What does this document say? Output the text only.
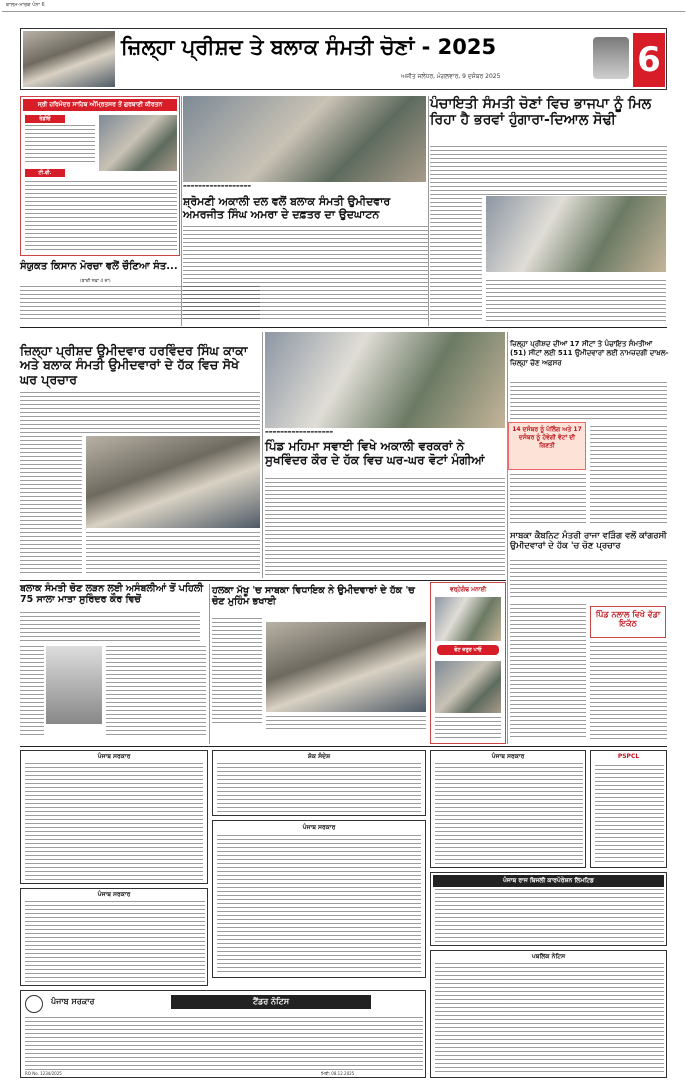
ਕਾਲਮ-ਮਾਰਕ ਪੰਨਾ 6
ਜ਼ਿਲ੍ਹਾ ਪ੍ਰੀਸ਼ਦ ਤੇ ਬਲਾਕ ਸੰਮਤੀ ਚੋਣਾਂ - 2025
ਅਜੀਤ ਜਲੰਧਰ, ਮੰਗਲਵਾਰ, 9 ਦਸੰਬਰ 2025	6
ਸ੍ਰੀ ਹਰਿਮੰਦਰ ਸਾਹਿਬ ਅੰਮ੍ਰਿਤਸਰ ਤੋਂ ਗੁਰਬਾਣੀ ਕੀਰਤਨ
ਰੇਡੀਓ
ਟੀ.ਵੀ.
ਸੰਯੁਕਤ ਕਿਸਾਨ ਮੋਰਚਾ ਵਲੋਂ ਚੌਣਿਆ ਸੰਤ...
(ਬਾਕੀ ਸਫ਼ਾ 4 ਦਾ)
ਪੰਚਾਇਤੀ ਸੰਮਤੀ ਚੋਣਾਂ ਵਿਚ ਭਾਜਪਾ ਨੂੰ ਮਿਲ ਰਿਹਾ ਹੈ ਭਰਵਾਂ ਹੁੰਗਾਰਾ-ਦਿਆਲ ਸੋਢੀ
▬▬▬▬▬▬▬▬▬▬▬▬▬▬▬▬▬▬
ਸ਼੍ਰੋਮਣੀ ਅਕਾਲੀ ਦਲ ਵਲੋਂ ਬਲਾਕ ਸੰਮਤੀ ਉਮੀਦਵਾਰ ਅਮਰਜੀਤ ਸਿੰਘ ਅਮਰਾ ਦੇ ਦਫ਼ਤਰ ਦਾ ਉਦਘਾਟਨ
ਜ਼ਿਲ੍ਹਾ ਪ੍ਰੀਸ਼ਦ ਉਮੀਦਵਾਰ ਹਰਵਿੰਦਰ ਸਿੰਘ ਕਾਕਾ ਅਤੇ ਬਲਾਕ ਸੰਮਤੀ ਉਮੀਦਵਾਰਾਂ ਦੇ ਹੱਕ ਵਿਚ ਸੋਖੇ ਘਰ ਪ੍ਰਚਾਰ
▬▬▬▬▬▬▬▬▬▬▬▬▬▬▬▬▬▬
ਪਿੰਡ ਮਹਿਮਾ ਸਵਾਈ ਵਿਖੇ ਅਕਾਲੀ ਵਰਕਰਾਂ ਨੇ ਸੁਖਵਿੰਦਰ ਕੌਰ ਦੇ ਹੱਕ ਵਿਚ ਘਰ-ਘਰ ਵੋਟਾਂ ਮੰਗੀਆਂ
ਜ਼ਿਲ੍ਹਾ ਪ੍ਰੀਸ਼ਦ ਦੀਆਂ 17 ਸੀਟਾਂ ਤੇ ਪੰਚਾਇਤ ਸੰਮਤੀਆਂ (51) ਸੀਟਾਂ ਲਈ 511 ਉਮੀਦਵਾਰਾਂ ਲਈ ਨਾਮਜ਼ਦਗੀ ਦਾਖ਼ਲ-ਜ਼ਿਲ੍ਹਾ ਚੋਣ ਅਫ਼ਸਰ
14 ਦਸੰਬਰ ਨੂੰ ਪੋਲਿੰਗ ਅਤੇ 17 ਦਸੰਬਰ ਨੂੰ ਹੋਵੇਗੀ ਵੋਟਾਂ ਦੀ ਗਿਣਤੀ
ਸਾਬਕਾ ਕੈਬਨਿਟ ਮੰਤਰੀ ਰਾਜਾ ਵੜਿੰਗ ਵਲੋਂ ਕਾਂਗਰਸੀ ਉਮੀਦਵਾਰਾਂ ਦੇ ਹੱਕ 'ਚ ਚੋਣ ਪ੍ਰਚਾਰ
ਬਲਾਕ ਸੰਮਤੀ ਚੋਣ ਲੜਨ ਲਈ ਅਸੰਬਲੀਆਂ ਤੋਂ ਪਹਿਲੀ 75 ਸਾਲਾ ਮਾਤਾ ਸੁਰਿੰਦਰ ਕੌਰ ਵਿਚੋਂ
ਹਲਕਾ ਮੱਖੂ 'ਚ ਸਾਬਕਾ ਵਿਧਾਇਕ ਨੇ ਉਮੀਦਵਾਰਾਂ ਦੇ ਹੱਕ 'ਚ ਚੋਣ ਮੁਹਿੰਮ ਭਖਾਈ
ਵਰ੍ਹੇਗੰਢ ਮਨਾਈ
ਵੋਟ ਜ਼ਰੂਰ ਪਾਓ
ਪਿੰਡ ਨਲਾਲ ਵਿਖੇ ਵੱਡਾ ਇਕੱਠ
ਪੰਜਾਬ ਸਰਕਾਰ	ਸ਼ੋਕ ਸੰਦੇਸ਼
ਪੰਜਾਬ ਸਰਕਾਰ
ਪੰਜਾਬ ਸਰਕਾਰ	PSPCL
ਪੰਜਾਬ ਰਾਜ ਬਿਜਲੀ ਕਾਰਪੋਰੇਸ਼ਨ ਲਿਮਟਿਡ
ਪਬਲਿਕ ਨੋਟਿਸ
ਪੰਜਾਬ ਸਰਕਾਰ
ਪੰਜਾਬ ਸਰਕਾਰ	ਟੈਂਡਰ ਨੋਟਿਸ
RO No. 1234/2025	ਮਿਤੀ: 08.12.2025
